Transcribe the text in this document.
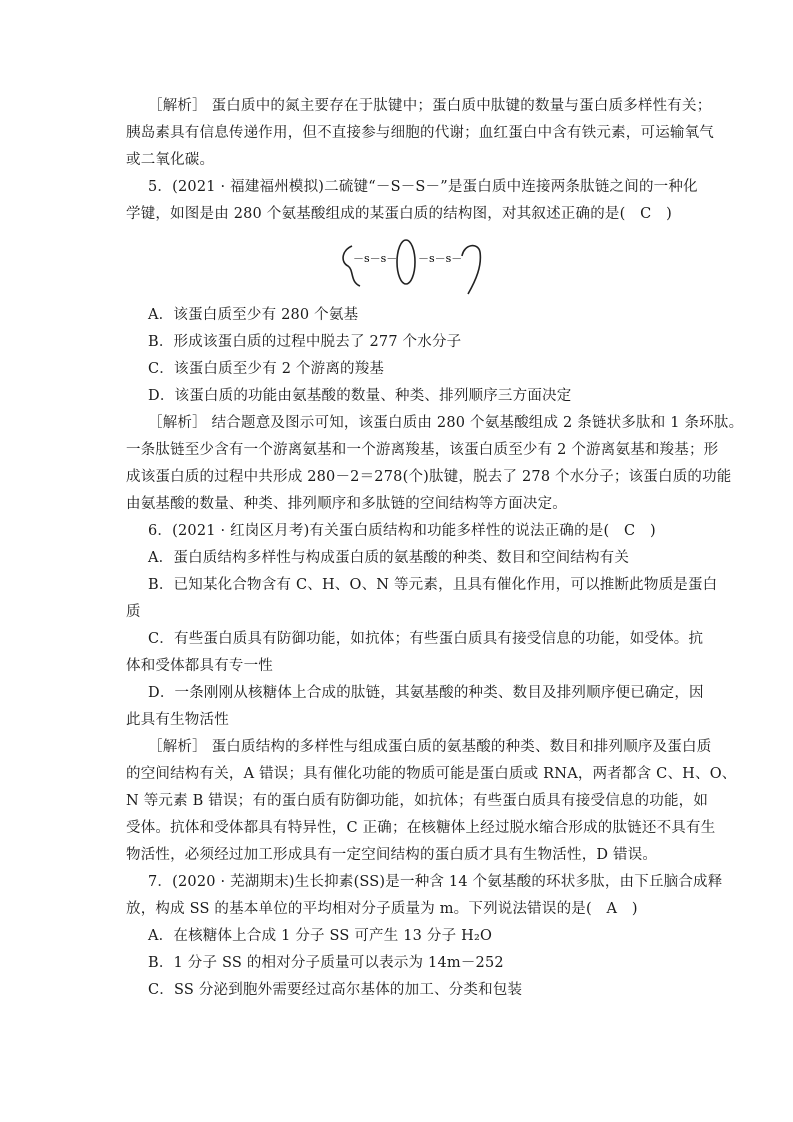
［解析］ 蛋白质中的氮主要存在于肽键中；蛋白质中肽键的数量与蛋白质多样性有关；
胰岛素具有信息传递作用，但不直接参与细胞的代谢；血红蛋白中含有铁元素，可运输氧气
或二氧化碳。
5．(2021 · 福建福州模拟)二硫键“－S－S－”是蛋白质中连接两条肽链之间的一种化
学键，如图是由 280 个氨基酸组成的某蛋白质的结构图，对其叙述正确的是(　C　)
－s－s－ －s－s－
A．该蛋白质至少有 280 个氨基
B．形成该蛋白质的过程中脱去了 277 个水分子
C．该蛋白质至少有 2 个游离的羧基
D．该蛋白质的功能由氨基酸的数量、种类、排列顺序三方面决定
［解析］ 结合题意及图示可知，该蛋白质由 280 个氨基酸组成 2 条链状多肽和 1 条环肽。
一条肽链至少含有一个游离氨基和一个游离羧基，该蛋白质至少有 2 个游离氨基和羧基；形
成该蛋白质的过程中共形成 280－2＝278(个)肽键，脱去了 278 个水分子；该蛋白质的功能
由氨基酸的数量、种类、排列顺序和多肽链的空间结构等方面决定。
6．(2021 · 红岗区月考)有关蛋白质结构和功能多样性的说法正确的是(　C　)
A．蛋白质结构多样性与构成蛋白质的氨基酸的种类、数目和空间结构有关
B．已知某化合物含有 C、H、O、N 等元素，且具有催化作用，可以推断此物质是蛋白
质
C．有些蛋白质具有防御功能，如抗体；有些蛋白质具有接受信息的功能，如受体。抗
体和受体都具有专一性
D．一条刚刚从核糖体上合成的肽链，其氨基酸的种类、数目及排列顺序便已确定，因
此具有生物活性
［解析］ 蛋白质结构的多样性与组成蛋白质的氨基酸的种类、数目和排列顺序及蛋白质
的空间结构有关，A 错误；具有催化功能的物质可能是蛋白质或 RNA，两者都含 C、H、O、
N 等元素 B 错误；有的蛋白质有防御功能，如抗体；有些蛋白质具有接受信息的功能，如
受体。抗体和受体都具有特异性，C 正确；在核糖体上经过脱水缩合形成的肽链还不具有生
物活性，必须经过加工形成具有一定空间结构的蛋白质才具有生物活性，D 错误。
7．(2020 · 芜湖期末)生长抑素(SS)是一种含 14 个氨基酸的环状多肽，由下丘脑合成释
放，构成 SS 的基本单位的平均相对分子质量为 m。下列说法错误的是(　A　)
A．在核糖体上合成 1 分子 SS 可产生 13 分子 H₂O
B．1 分子 SS 的相对分子质量可以表示为 14m－252
C．SS 分泌到胞外需要经过高尔基体的加工、分类和包装
